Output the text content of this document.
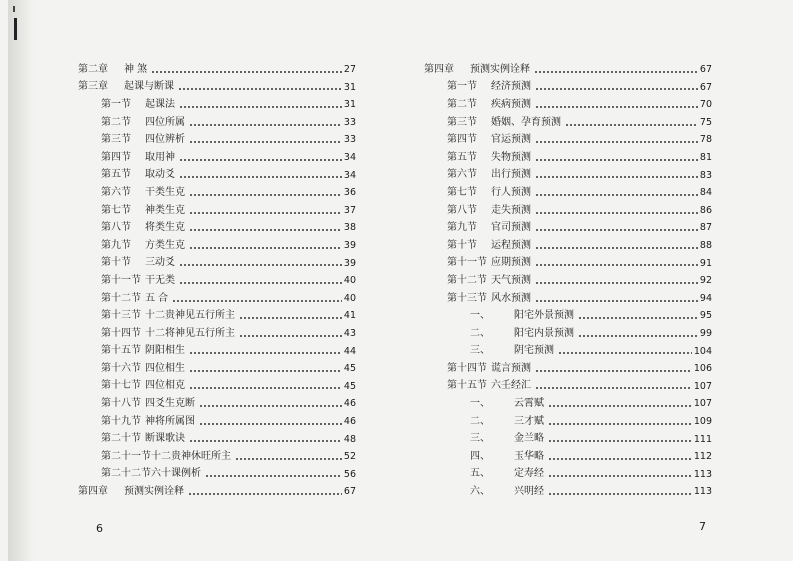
第二章	神 煞	27
第三章	起课与断课	31
第一节	起课法	31
第二节	四位所属	33
第三节	四位辨析	33
第四节	取用神	34
第五节	取动爻	34
第六节	干类生克	36
第七节	神类生克	37
第八节	将类生克	38
第九节	方类生克	39
第十节	三动爻	39
第十一节 干无类	40
第十二节 五 合	40
第十三节 十二贵神见五行所主	41
第十四节 十二将神见五行所主	43
第十五节 阴阳相生	44
第十六节 四位相生	45
第十七节 四位相克	45
第十八节 四爻生克断	46
第十九节 神将所属图	46
第二十节 断课歌诀	48
第二十一节 十二贵神休旺所主	52
第二十二节 六十课例析	56
第四章	预测实例诠释	67
6
第四章	预测实例诠释	67
第一节	经济预测	67
第二节	疾病预测	70
第三节	婚姻、孕育预测	75
第四节	官运预测	78
第五节	失物预测	81
第六节	出行预测	83
第七节	行人预测	84
第八节	走失预测	86
第九节	官司预测	87
第十节	运程预测	88
第十一节 应期预测	91
第十二节 天气预测	92
第十三节 风水预测	94
一、	阳宅外景预测	95
二、	阳宅内景预测	99
三、	阴宅预测	104
第十四节 谎言预测	106
第十五节 六壬经汇	107
一、	云霄赋	107
二、	三才赋	109
三、	金兰略	111
四、	玉华略	112
五、	定寿经	113
六、	兴明经	113
7
